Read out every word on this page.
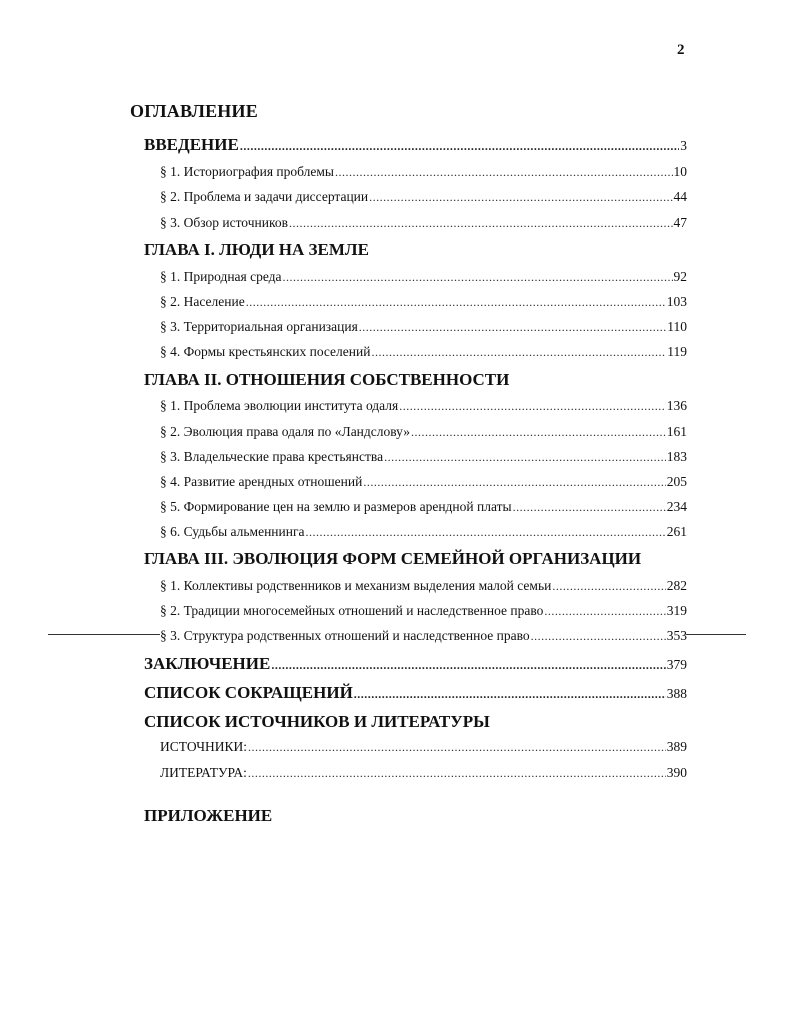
2
ОГЛАВЛЕНИЕ
ВВЕДЕНИЕ .....	3
§ 1. Историография проблемы .....	10
§ 2. Проблема и задачи диссертации .....	44
§ 3. Обзор источников .....	47
ГЛАВА I. ЛЮДИ НА ЗЕМЛЕ
§ 1. Природная среда .....	92
§ 2. Население .....	103
§ 3. Территориальная организация .....	110
§ 4. Формы крестьянских поселений .....	119
ГЛАВА II. ОТНОШЕНИЯ СОБСТВЕННОСТИ
§ 1. Проблема эволюции института одаля .....	136
§ 2. Эволюция права одаля по «Ландслову» .....	161
§ 3. Владельческие права крестьянства .....	183
§ 4. Развитие арендных отношений .....	205
§ 5. Формирование цен на землю и размеров арендной платы .....	234
§ 6. Судьбы альменнинга .....	261
ГЛАВА III. ЭВОЛЮЦИЯ ФОРМ СЕМЕЙНОЙ ОРГАНИЗАЦИИ
§ 1. Коллективы родственников и механизм выделения малой семьи .....	282
§ 2. Традиции многосемейных отношений и наследственное право .....	319
§ 3. Структура родственных отношений и наследственное право .....	353
ЗАКЛЮЧЕНИЕ .....	379
СПИСОК СОКРАЩЕНИЙ .....	388
СПИСОК ИСТОЧНИКОВ И ЛИТЕРАТУРЫ
ИСТОЧНИКИ: .....	389
ЛИТЕРАТУРА: .....	390
ПРИЛОЖЕНИЕ
